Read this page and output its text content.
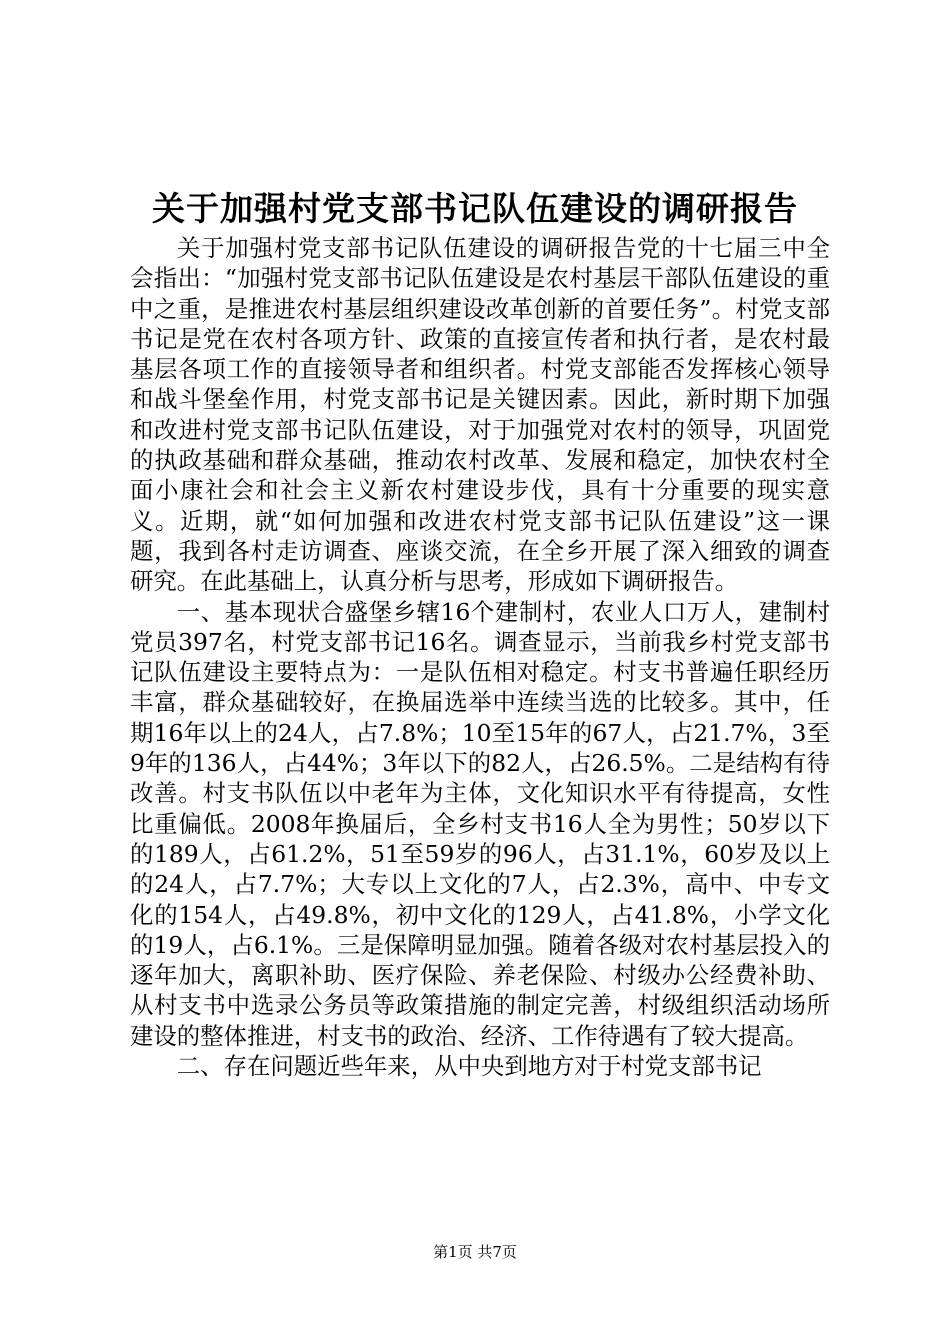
关于加强村党支部书记队伍建设的调研报告

关于加强村党支部书记队伍建设的调研报告党的十七届三中全会指出：“加强村党支部书记队伍建设是农村基层干部队伍建设的重中之重，是推进农村基层组织建设改革创新的首要任务”。村党支部书记是党在农村各项方针、政策的直接宣传者和执行者，是农村最基层各项工作的直接领导者和组织者。村党支部能否发挥核心领导和战斗堡垒作用，村党支部书记是关键因素。因此，新时期下加强和改进村党支部书记队伍建设，对于加强党对农村的领导，巩固党的执政基础和群众基础，推动农村改革、发展和稳定，加快农村全面小康社会和社会主义新农村建设步伐，具有十分重要的现实意义。近期，就“如何加强和改进农村党支部书记队伍建设”这一课题，我到各村走访调查、座谈交流，在全乡开展了深入细致的调查研究。在此基础上，认真分析与思考，形成如下调研报告。

一、基本现状合盛堡乡辖16个建制村，农业人口万人，建制村党员397名，村党支部书记16名。调查显示，当前我乡村党支部书记队伍建设主要特点为：一是队伍相对稳定。村支书普遍任职经历丰富，群众基础较好，在换届选举中连续当选的比较多。其中，任期16年以上的24人，占7.8%；10至15年的67人，占21.7%，3至9年的136人，占44%；3年以下的82人，占26.5%。二是结构有待改善。村支书队伍以中老年为主体，文化知识水平有待提高，女性比重偏低。2008年换届后，全乡村支书16人全为男性；50岁以下的189人，占61.2%，51至59岁的96人，占31.1%，60岁及以上的24人，占7.7%；大专以上文化的7人，占2.3%，高中、中专文化的154人，占49.8%，初中文化的129人，占41.8%，小学文化的19人，占6.1%。三是保障明显加强。随着各级对农村基层投入的逐年加大，离职补助、医疗保险、养老保险、村级办公经费补助、从村支书中选录公务员等政策措施的制定完善，村级组织活动场所建设的整体推进，村支书的政治、经济、工作待遇有了较大提高。

二、存在问题近些年来，从中央到地方对于村党支部书记

第1页 共7页
